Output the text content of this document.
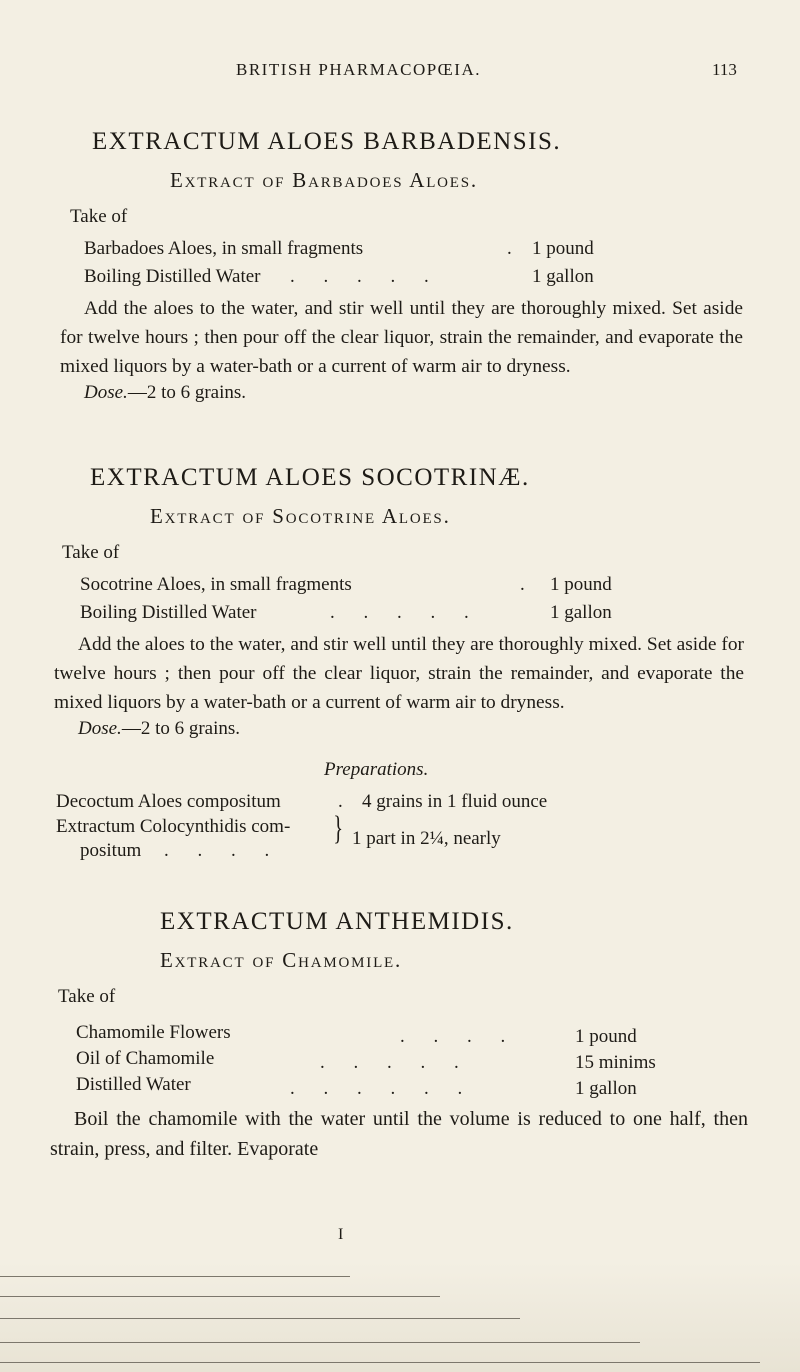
BRITISH PHARMACOPŒIA.	113
EXTRACTUM ALOES BARBADENSIS.
Extract of Barbadoes Aloes.
Take of
Barbadoes Aloes, in small fragments	. 1 pound
Boiling Distilled Water . . . . .	1 gallon
Add the aloes to the water, and stir well until they are thoroughly mixed. Set aside for twelve hours ; then pour off the clear liquor, strain the remainder, and evaporate the mixed liquors by a water-bath or a current of warm air to dryness.
Dose.—2 to 6 grains.
EXTRACTUM ALOES SOCOTRINÆ.
Extract of Socotrine Aloes.
Take of
Socotrine Aloes, in small fragments	. 1 pound
Boiling Distilled Water	. . . . .	1 gallon
Add the aloes to the water, and stir well until they are thoroughly mixed. Set aside for twelve hours ; then pour off the clear liquor, strain the remainder, and evaporate the mixed liquors by a water-bath or a current of warm air to dryness.
Dose.—2 to 6 grains.
Preparations.
Decoctum Aloes compositum	. 4 grains in 1 fluid ounce
Extractum Colocynthidis com-
positum . . . .
} 1 part in 2¼, nearly
EXTRACTUM ANTHEMIDIS.
Extract of Chamomile.
Take of
Chamomile Flowers	. . . .	1 pound
Oil of Chamomile	. . . . .	15 minims
Distilled Water	. . . . . .	1 gallon
Boil the chamomile with the water until the volume is reduced to one half, then strain, press, and filter. Evaporate
I
